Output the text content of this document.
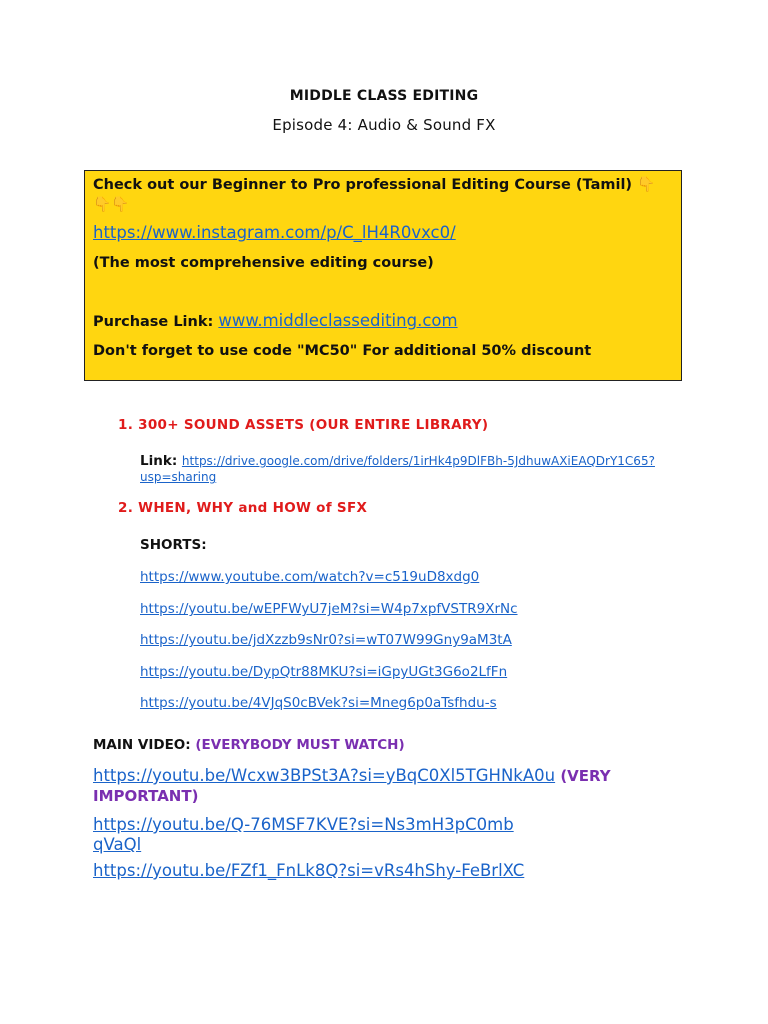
MIDDLE CLASS EDITING
Episode 4: Audio & Sound FX

Check out our Beginner to Pro professional Editing Course (Tamil) 👇👇👇

https://www.instagram.com/p/C_lH4R0vxc0/

(The most comprehensive editing course)

Purchase Link: www.middleclassediting.com

Don't forget to use code "MC50" For additional 50% discount

1. 300+ SOUND ASSETS (OUR ENTIRE LIBRARY)
Link: https://drive.google.com/drive/folders/1irHk4p9DlFBh-5JdhuwAXiEAQDrY1C65?usp=sharing
2. WHEN, WHY and HOW of SFX
SHORTS:
https://www.youtube.com/watch?v=c519uD8xdg0
https://youtu.be/wEPFWyU7jeM?si=W4p7xpfVSTR9XrNc
https://youtu.be/jdXzzb9sNr0?si=wT07W99Gny9aM3tA
https://youtu.be/DypQtr88MKU?si=iGpyUGt3G6o2LfFn
https://youtu.be/4VJqS0cBVek?si=Mneg6p0aTsfhdu-s
MAIN VIDEO: (EVERYBODY MUST WATCH)
https://youtu.be/Wcxw3BPSt3A?si=yBqC0Xl5TGHNkA0u (VERY IMPORTANT)
https://youtu.be/Q-76MSF7KVE?si=Ns3mH3pC0mbqVaQl
https://youtu.be/FZf1_FnLk8Q?si=vRs4hShy-FeBrlXC
